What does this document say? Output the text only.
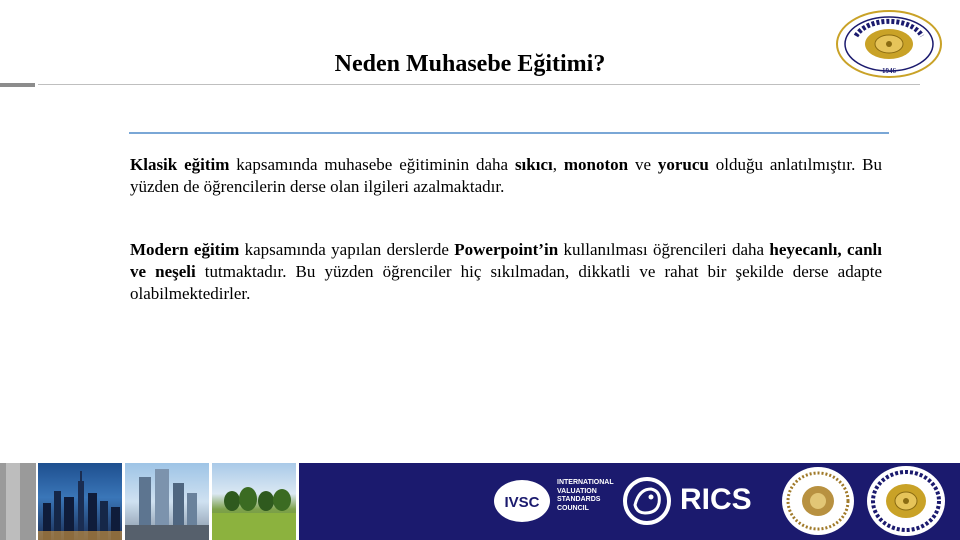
Neden Muhasebe Eğitimi?	1946
Klasik eğitim kapsamında muhasebe eğitiminin daha sıkıcı, monoton ve yorucu olduğu anlatılmıştır. Bu yüzden de öğrencilerin derse olan ilgileri azalmaktadır.
Modern eğitim kapsamında yapılan derslerde Powerpoint’in kullanılması öğrencileri daha heyecanlı, canlı ve neşeli tutmaktadır. Bu yüzden öğrenciler hiç sıkılmadan, dikkatli ve rahat bir şekilde derse adapte olabilmektedirler.
IVSC
INTERNATIONAL
VALUATION
STANDARDS
COUNCIL	RICS
